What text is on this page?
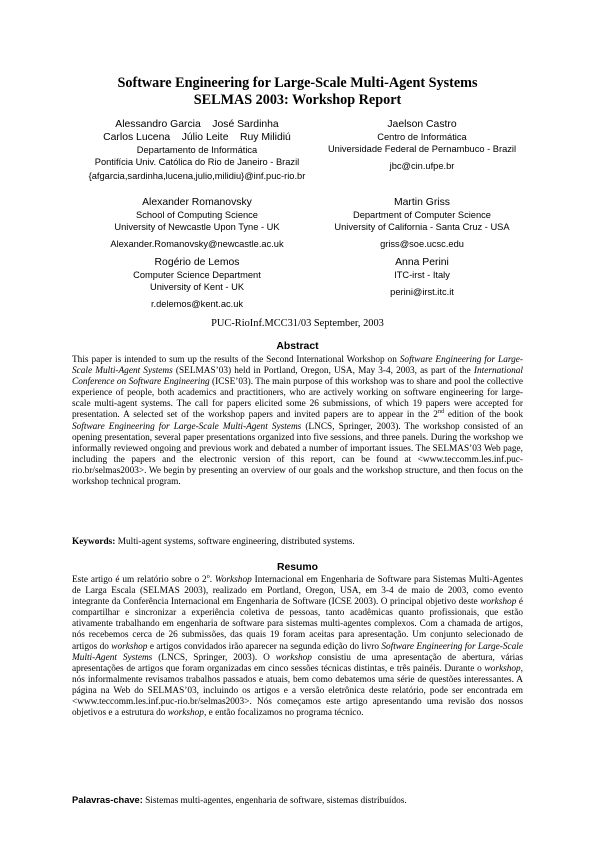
Software Engineering for Large-Scale Multi-Agent Systems
SELMAS 2003: Workshop Report
Alessandro Garcia    José Sardinha
Carlos Lucena    Júlio Leite    Ruy Milidiú
Departamento de Informática
Pontifícia Univ. Católica do Rio de Janeiro - Brazil
{afgarcia,sardinha,lucena,julio,milidiu}@inf.puc-rio.br
Jaelson Castro
Centro de Informática
Universidade Federal de Pernambuco - Brazil
jbc@cin.ufpe.br
Alexander Romanovsky
School of Computing Science
University of Newcastle Upon Tyne - UK
Alexander.Romanovsky@newcastle.ac.uk
Martin Griss
Department of Computer Science
University of California - Santa Cruz - USA
griss@soe.ucsc.edu
Rogério de Lemos
Computer Science Department
University of Kent - UK
r.delemos@kent.ac.uk
Anna Perini
ITC-irst - Italy
perini@irst.itc.it
PUC-RioInf.MCC31/03 September, 2003
Abstract
This paper is intended to sum up the results of the Second International Workshop on Software Engineering for Large-Scale Multi-Agent Systems (SELMAS’03) held in Portland, Oregon, USA, May 3-4, 2003, as part of the International Conference on Software Engineering (ICSE’03). The main purpose of this workshop was to share and pool the collective experience of people, both academics and practitioners, who are actively working on software engineering for large-scale multi-agent systems. The call for papers elicited some 26 submissions, of which 19 papers were accepted for presentation. A selected set of the workshop papers and invited papers are to appear in the 2nd edition of the book Software Engineering for Large-Scale Multi-Agent Systems (LNCS, Springer, 2003). The workshop consisted of an opening presentation, several paper presentations organized into five sessions, and three panels. During the workshop we informally reviewed ongoing and previous work and debated a number of important issues. The SELMAS’03 Web page, including the papers and the electronic version of this report, can be found at <www.teccomm.les.inf.puc-rio.br/selmas2003>. We begin by presenting an overview of our goals and the workshop structure, and then focus on the workshop technical program.
Keywords: Multi-agent systems, software engineering, distributed systems.
Resumo
Este artigo é um relatório sobre o 2$^o$. Workshop Internacional em Engenharia de Software para Sistemas Multi-Agentes de Larga Escala (SELMAS 2003), realizado em Portland, Oregon, USA, em 3-4 de maio de 2003, como evento integrante da Conferência Internacional em Engenharia de Software (ICSE 2003). O principal objetivo deste workshop é compartilhar e sincronizar a experiência coletiva de pessoas, tanto acadêmicas quanto profissionais, que estão ativamente trabalhando em engenharia de software para sistemas multi-agentes complexos. Com a chamada de artigos, nós recebemos cerca de 26 submissões, das quais 19 foram aceitas para apresentação. Um conjunto selecionado de artigos do workshop e artigos convidados irão aparecer na segunda edição do livro Software Engineering for Large-Scale Multi-Agent Systems (LNCS, Springer, 2003). O workshop consistiu de uma apresentação de abertura, várias apresentações de artigos que foram organizadas em cinco sessões técnicas distintas, e três painéis. Durante o workshop, nós informalmente revisamos trabalhos passados e atuais, bem como debatemos uma série de questões interessantes. A página na Web do SELMAS’03, incluindo os artigos e a versão eletrônica deste relatório, pode ser encontrada em <www.teccomm.les.inf.puc-rio.br/selmas2003>. Nós começamos este artigo apresentando uma revisão dos nossos objetivos e a estrutura do workshop, e então focalizamos no programa técnico.
Palavras-chave: Sistemas multi-agentes, engenharia de software, sistemas distribuídos.
